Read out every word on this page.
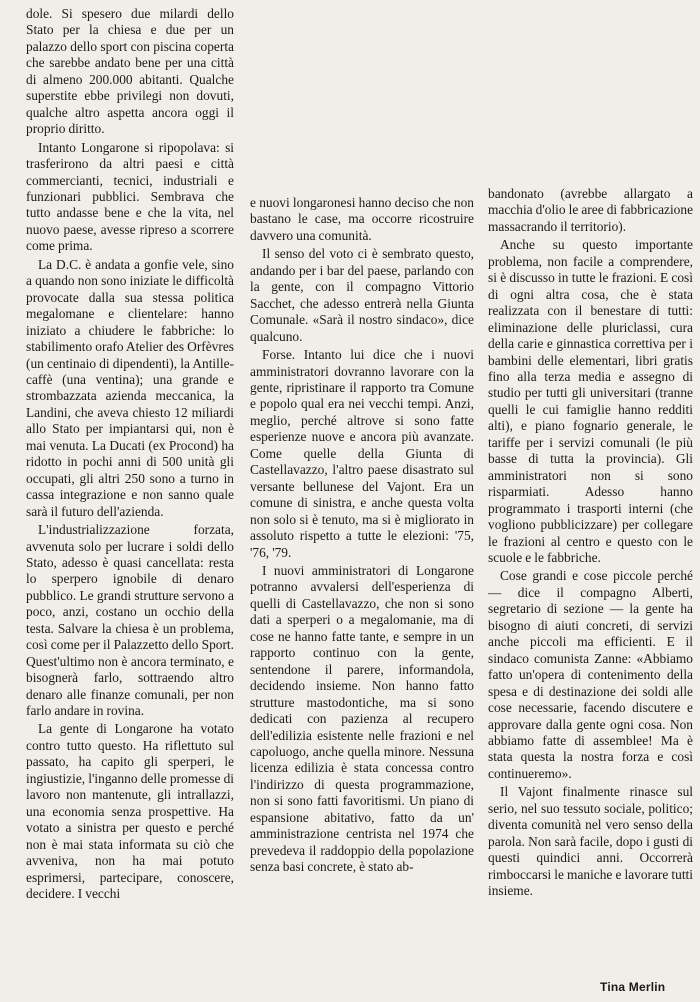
dole. Si spesero due milardi dello Stato per la chiesa e due per un palazzo dello sport con piscina coperta che sarebbe andato bene per una città di almeno 200.000 abitanti. Qualche superstite ebbe privilegi non dovuti, qualche altro aspetta ancora oggi il proprio diritto.

Intanto Longarone si ripopolava: si trasferirono da altri paesi e città commercianti, tecnici, industriali e funzionari pubblici. Sembrava che tutto andasse bene e che la vita, nel nuovo paese, avesse ripreso a scorrere come prima.

La D.C. è andata a gonfie vele, sino a quando non sono iniziate le difficoltà provocate dalla sua stessa politica megalomane e clientelare: hanno iniziato a chiudere le fabbriche: lo stabilimento orafo Atelier des Orfèvres (un centinaio di dipendenti), la Antille-caffè (una ventina); una grande e strombazzata azienda meccanica, la Landini, che aveva chiesto 12 miliardi allo Stato per impiantarsi qui, non è mai venuta. La Ducati (ex Procond) ha ridotto in pochi anni di 500 unità gli occupati, gli altri 250 sono a turno in cassa integrazione e non sanno quale sarà il futuro dell'azienda.

L'industrializzazione forzata, avvenuta solo per lucrare i soldi dello Stato, adesso è quasi cancellata: resta lo sperpero ignobile di denaro pubblico. Le grandi strutture servono a poco, anzi, costano un occhio della testa. Salvare la chiesa è un problema, così come per il Palazzetto dello Sport. Quest'ultimo non è ancora terminato, e bisognerà farlo, sottraendo altro denaro alle finanze comunali, per non farlo andare in rovina.

La gente di Longarone ha votato contro tutto questo. Ha riflettuto sul passato, ha capito gli sperperi, le ingiustizie, l'inganno delle promesse di lavoro non mantenute, gli intrallazzi, una economia senza prospettive. Ha votato a sinistra per questo e perché non è mai stata informata su ciò che avveniva, non ha mai potuto esprimersi, partecipare, conoscere, decidere. I vecchi

e nuovi longaronesi hanno deciso che non bastano le case, ma occorre ricostruire davvero una comunità.

Il senso del voto ci è sembrato questo, andando per i bar del paese, parlando con la gente, con il compagno Vittorio Sacchet, che adesso entrerà nella Giunta Comunale. «Sarà il nostro sindaco», dice qualcuno.

Forse. Intanto lui dice che i nuovi amministratori dovranno lavorare con la gente, ripristinare il rapporto tra Comune e popolo qual era nei vecchi tempi. Anzi, meglio, perché altrove si sono fatte esperienze nuove e ancora più avanzate. Come quelle della Giunta di Castellavazzo, l'altro paese disastrato sul versante bellunese del Vajont. Era un comune di sinistra, e anche questa volta non solo si è tenuto, ma si è migliorato in assoluto rispetto a tutte le elezioni: '75, '76, '79.

I nuovi amministratori di Longarone potranno avvalersi dell'esperienza di quelli di Castellavazzo, che non si sono dati a sperperi o a megalomanie, ma di cose ne hanno fatte tante, e sempre in un rapporto continuo con la gente, sentendone il parere, informandola, decidendo insieme. Non hanno fatto strutture mastodontiche, ma si sono dedicati con pazienza al recupero dell'edilizia esistente nelle frazioni e nel capoluogo, anche quella minore. Nessuna licenza edilizia è stata concessa contro l'indirizzo di questa programmazione, non si sono fatti favoritismi. Un piano di espansione abitativo, fatto da un' amministrazione centrista nel 1974 che prevedeva il raddoppio della popolazione senza basi concrete, è stato ab-

bandonato (avrebbe allargato a macchia d'olio le aree di fabbricazione massacrando il territorio).

Anche su questo importante problema, non facile a comprendere, si è discusso in tutte le frazioni. E così di ogni altra cosa, che è stata realizzata con il benestare di tutti: eliminazione delle pluriclassi, cura della carie e ginnastica correttiva per i bambini delle elementari, libri gratis fino alla terza media e assegno di studio per tutti gli universitari (tranne quelli le cui famiglie hanno redditi alti), e piano fognario generale, le tariffe per i servizi comunali (le più basse di tutta la provincia). Gli amministratori non si sono risparmiati. Adesso hanno programmato i trasporti interni (che vogliono pubblicizzare) per collegare le frazioni al centro e questo con le scuole e le fabbriche.

Cose grandi e cose piccole perché — dice il compagno Alberti, segretario di sezione — la gente ha bisogno di aiuti concreti, di servizi anche piccoli ma efficienti. E il sindaco comunista Zanne: «Abbiamo fatto un'opera di contenimento della spesa e di destinazione dei soldi alle cose necessarie, facendo discutere e approvare dalla gente ogni cosa. Non abbiamo fatte di assemblee! Ma è stata questa la nostra forza e così continueremo».

Il Vajont finalmente rinasce sul serio, nel suo tessuto sociale, politico; diventa comunità nel vero senso della parola. Non sarà facile, dopo i gusti di questi quindici anni. Occorrerà rimboccarsi le maniche e lavorare tutti insieme.

Tina Merlin
